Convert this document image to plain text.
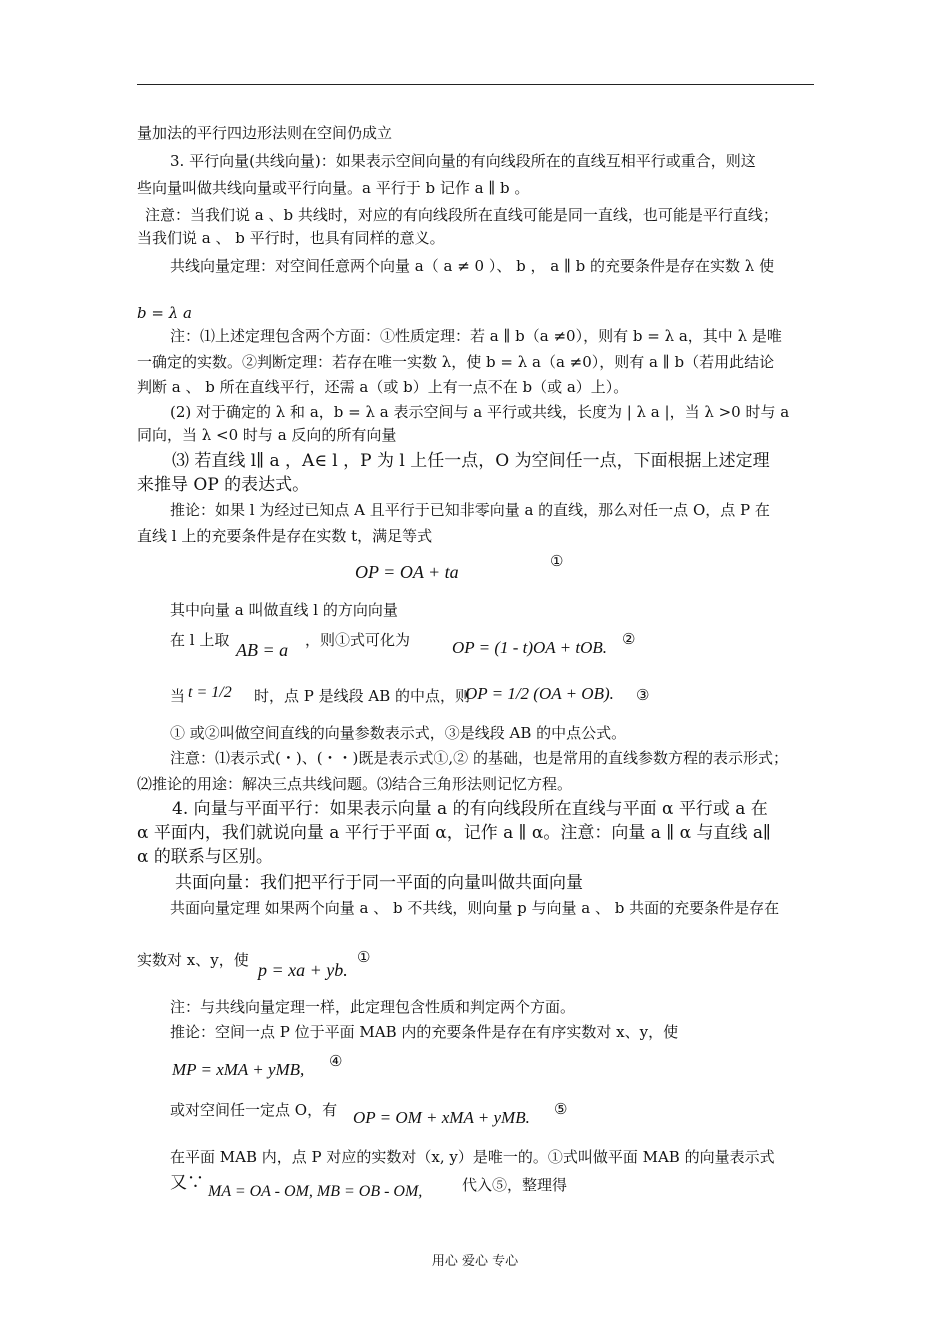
量加法的平行四边形法则在空间仍成立
3. 平行向量(共线向量)：如果表示空间向量的有向线段所在的直线互相平行或重合，则这
些向量叫做共线向量或平行向量。a 平行于 b 记作 a ∥ b 。
注意：当我们说 a 、b 共线时，对应的有向线段所在直线可能是同一直线，也可能是平行直线；
当我们说 a 、 b 平行时，也具有同样的意义。
共线向量定理：对空间任意两个向量 a（ a ≠ 0 ）、 b ， a ∥ b 的充要条件是存在实数 λ 使
b = λ a
注：⑴上述定理包含两个方面：①性质定理：若 a ∥ b（a ≠0），则有 b = λ a，其中 λ 是唯
一确定的实数。②判断定理：若存在唯一实数 λ，使 b = λ a（a ≠0），则有 a ∥ b（若用此结论
判断 a 、 b 所在直线平行，还需 a（或 b）上有一点不在 b（或 a）上）。
(2) 对于确定的 λ 和 a，b = λ a 表示空间与 a 平行或共线，长度为 | λ a |，当 λ >0 时与 a
同向，当 λ <0 时与 a 反向的所有向量
⑶ 若直线 l∥ a ，A∈ l ，P 为 l 上任一点，O 为空间任一点，下面根据上述定理
来推导 OP 的表达式。
推论：如果 l 为经过已知点 A 且平行于已知非零向量 a 的直线，那么对任一点 O，点 P 在
直线 l 上的充要条件是存在实数 t，满足等式
OP = OA + ta
①
其中向量 a 叫做直线 l 的方向向量
在 l 上取 AB = a ，则①式可化为 OP = (1 - t)OA + tOB. ②
当 t = 1/2 时，点 P 是线段 AB 的中点，则
OP = 1/2 (OA + OB). ③
① 或②叫做空间直线的向量参数表示式，③是线段 AB 的中点公式。
注意：⑴表示式(・)、(・・)既是表示式①,② 的基础，也是常用的直线参数方程的表示形式；
⑵推论的用途：解决三点共线问题。⑶结合三角形法则记忆方程。
4. 向量与平面平行：如果表示向量 a 的有向线段所在直线与平面 α 平行或 a 在
α 平面内，我们就说向量 a 平行于平面 α，记作 a ∥ α。注意：向量 a ∥ α 与直线 a∥
α 的联系与区别。
共面向量：我们把平行于同一平面的向量叫做共面向量
共面向量定理 如果两个向量 a 、 b 不共线，则向量 p 与向量 a 、 b 共面的充要条件是存在
实数对 x、y，使 p = xa + yb.
①
注：与共线向量定理一样，此定理包含性质和判定两个方面。
推论：空间一点 P 位于平面 MAB 内的充要条件是存在有序实数对 x、y，使
MP = xMA + yMB, ④
或对空间任一定点 O，有 OP = OM + xMA + yMB. ⑤
在平面 MAB 内，点 P 对应的实数对（x, y）是唯一的。①式叫做平面 MAB 的向量表示式
又∵ MA = OA - OM, MB = OB - OM,	代入⑤，整理得
用心 爱心 专心
